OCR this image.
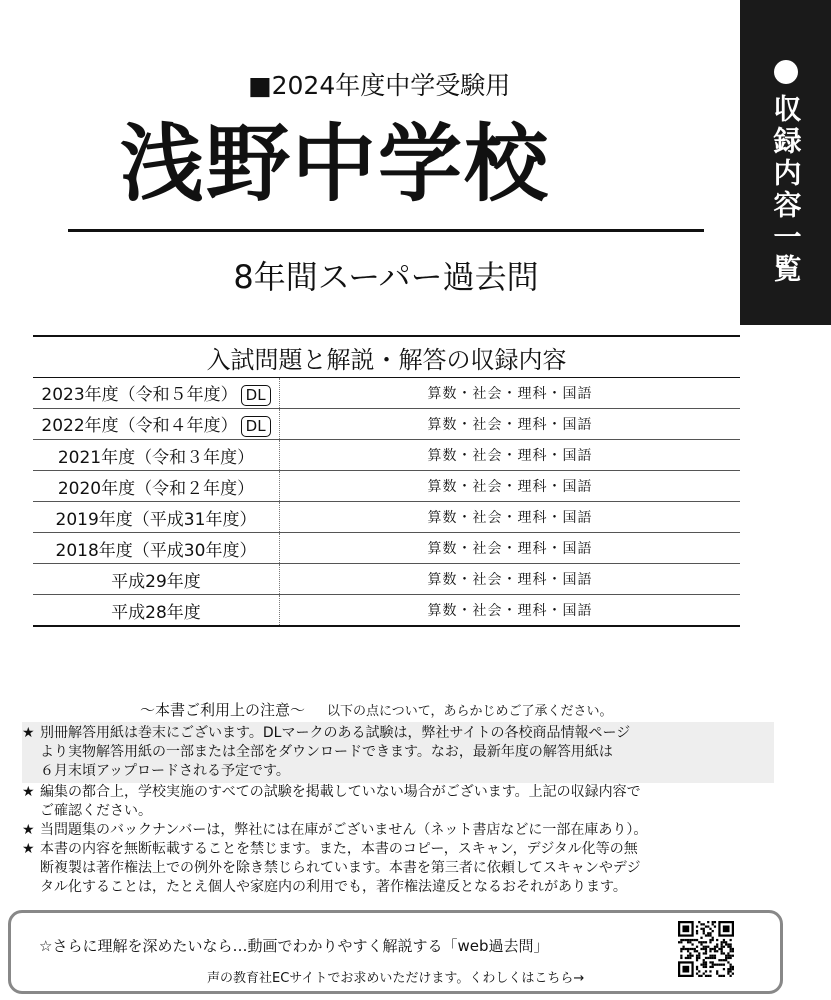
収録内容一覧
■2024年度中学受験用
浅野中学校
8年間スーパー過去問
入試問題と解説・解答の収録内容	
2023年度（令和５年度） DL	算数・社会・理科・国語
2022年度（令和４年度） DL	算数・社会・理科・国語
2021年度（令和３年度）	算数・社会・理科・国語
2020年度（令和２年度）	算数・社会・理科・国語
2019年度（平成31年度）	算数・社会・理科・国語
2018年度（平成30年度）	算数・社会・理科・国語
平成29年度	算数・社会・理科・国語
平成28年度	算数・社会・理科・国語
〜本書ご利用上の注意〜 以下の点について，あらかじめご了承ください。
★ 別冊解答用紙は巻末にございます。DLマークのある試験は，弊社サイトの各校商品情報ページ
より実物解答用紙の一部または全部をダウンロードできます。なお，最新年度の解答用紙は
６月末頃アップロードされる予定です。
★ 編集の都合上，学校実施のすべての試験を掲載していない場合がございます。上記の収録内容で
ご確認ください。
★ 当問題集のバックナンバーは，弊社には在庫がございません（ネット書店などに一部在庫あり）。
★ 本書の内容を無断転載することを禁じます。また，本書のコピー，スキャン，デジタル化等の無
断複製は著作権法上での例外を除き禁じられています。本書を第三者に依頼してスキャンやデジ
タル化することは，たとえ個人や家庭内の利用でも，著作権法違反となるおそれがあります。
☆さらに理解を深めたいなら…動画でわかりやすく解説する「web過去問」
声の教育社ECサイトでお求めいただけます。くわしくはこちら→
